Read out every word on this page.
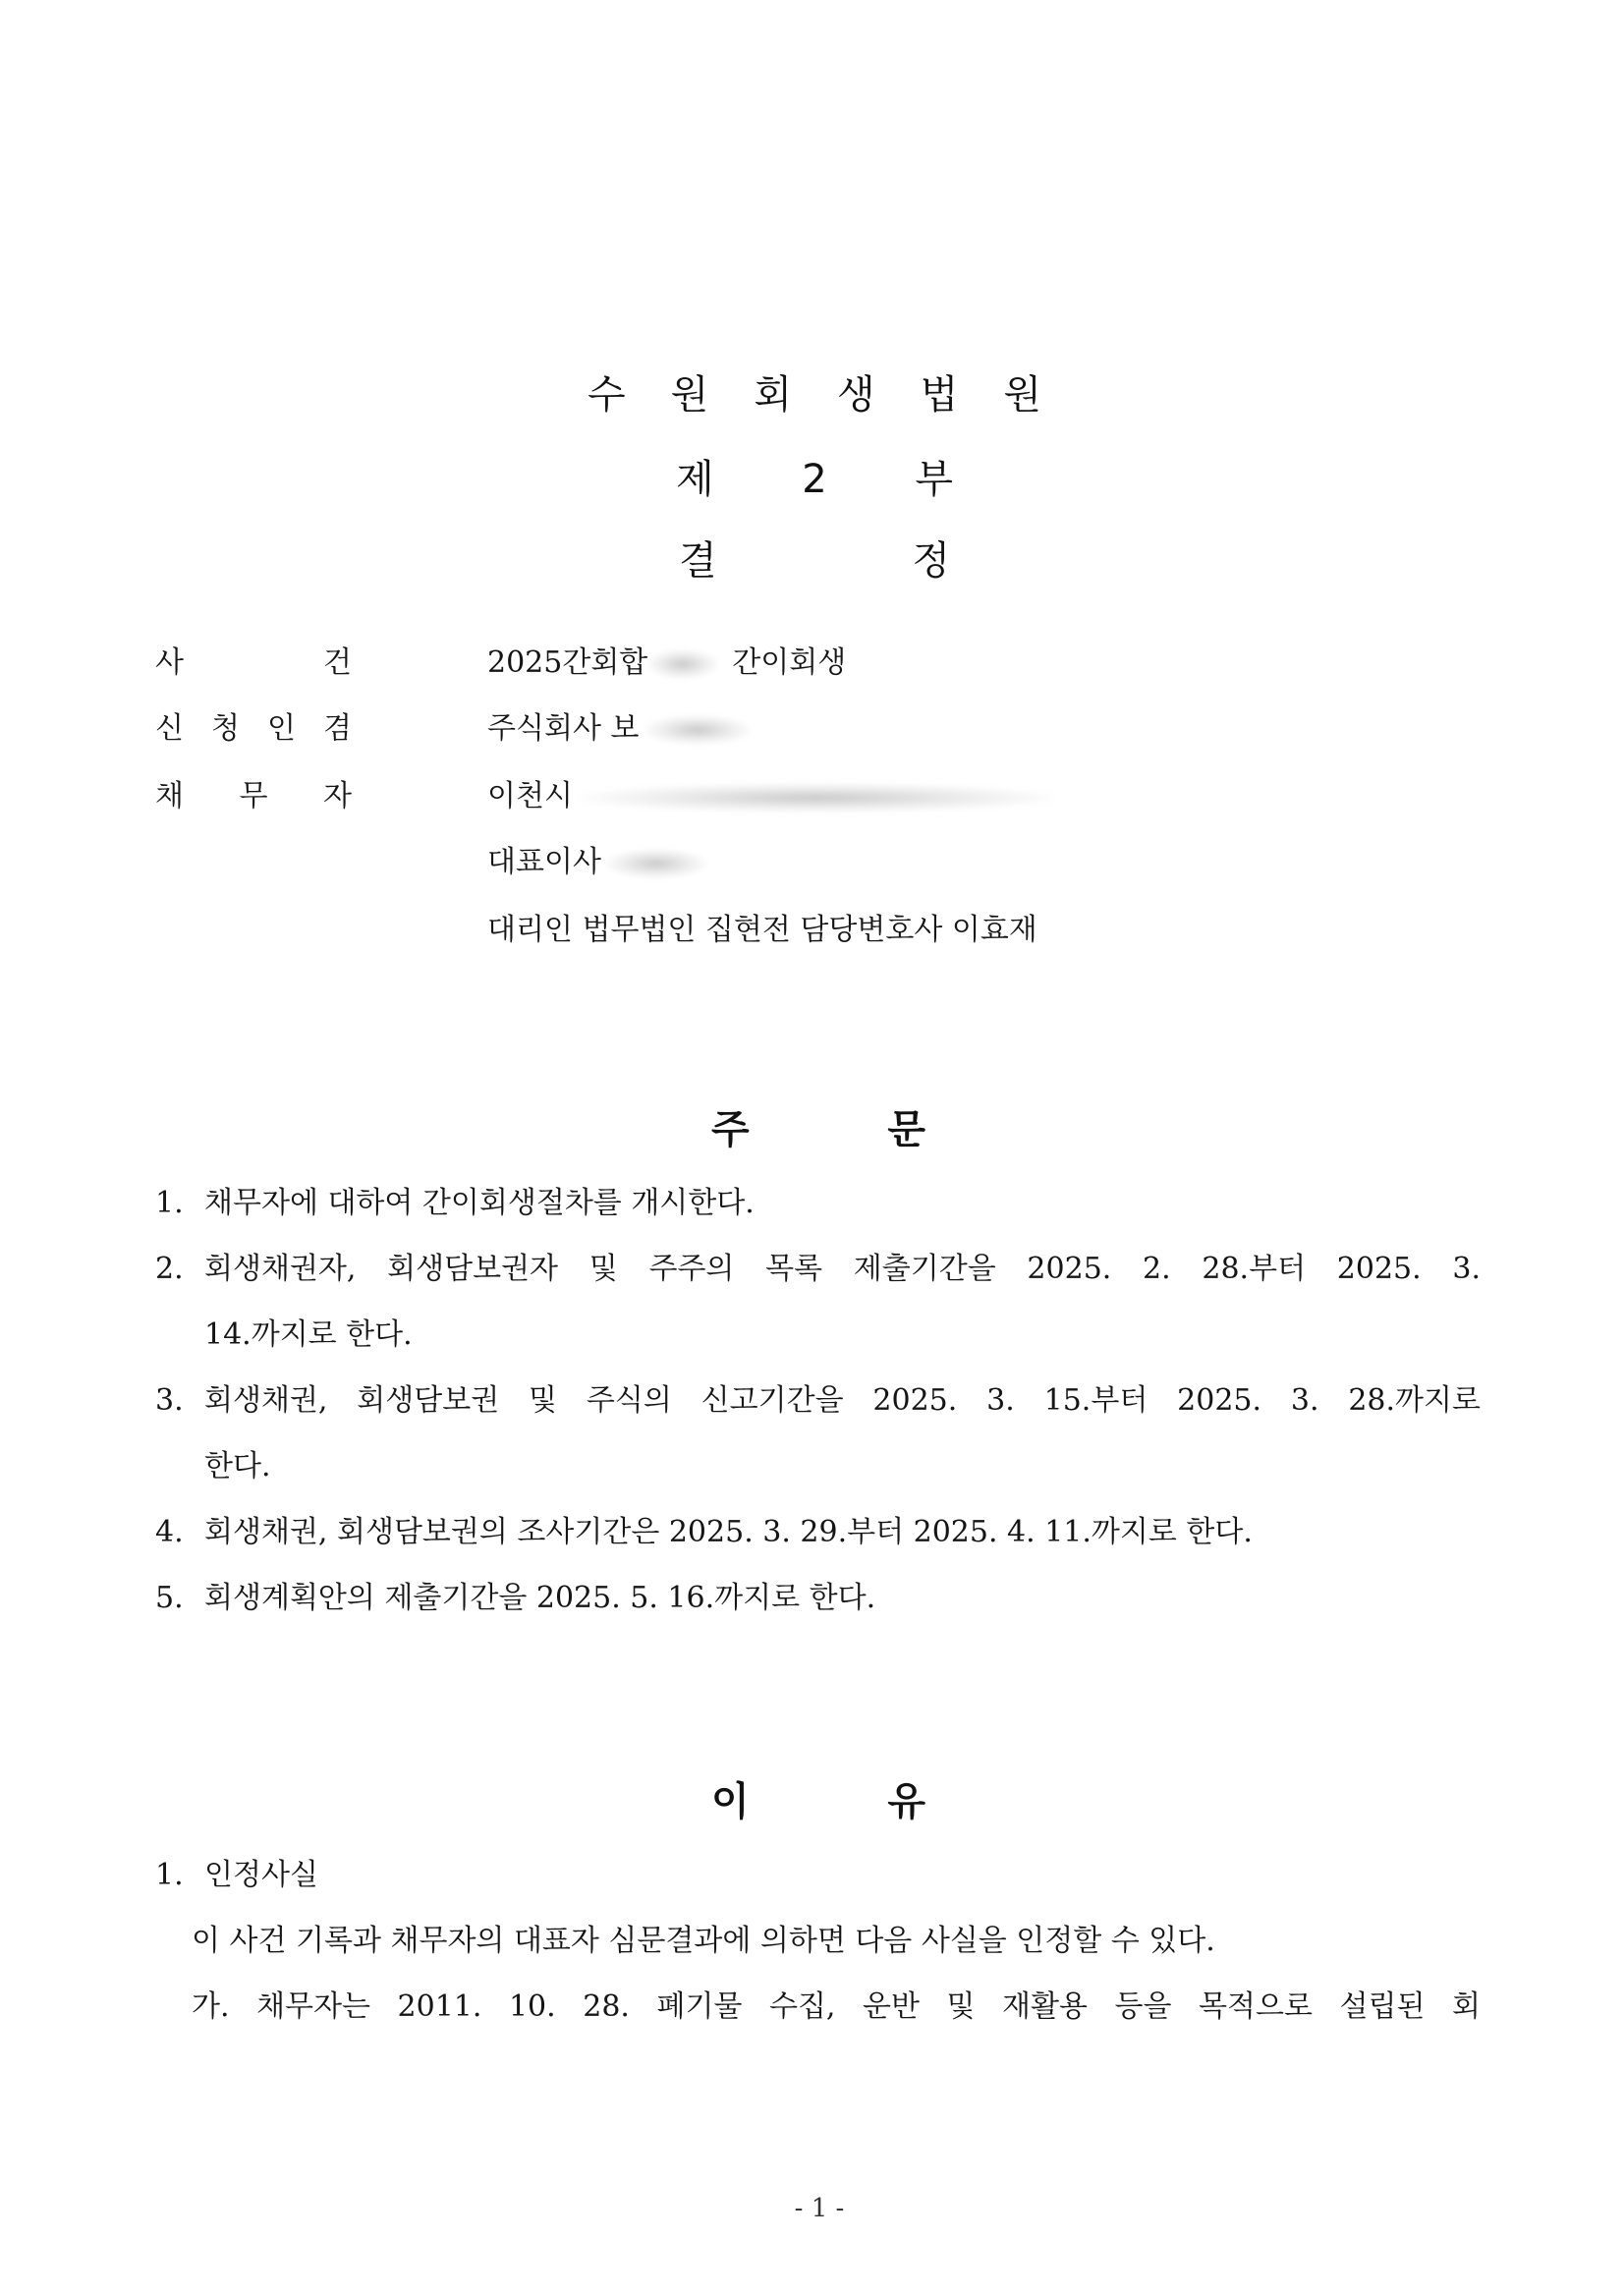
수 원 회 생 법 원
제 2 부
결 정
사 건	2025간회합	간이회생
신 청 인 겸	주식회사 보
채 무 자	이천시
대표이사
대리인 법무법인 집현전 담당변호사 이효재
주 문
1. 채무자에 대하여 간이회생절차를 개시한다.
2. 회생채권자, 회생담보권자 및 주주의 목록 제출기간을 2025. 2. 28.부터 2025. 3.
14.까지로 한다.
3. 회생채권, 회생담보권 및 주식의 신고기간을 2025. 3. 15.부터 2025. 3. 28.까지로
한다.
4. 회생채권, 회생담보권의 조사기간은 2025. 3. 29.부터 2025. 4. 11.까지로 한다.
5. 회생계획안의 제출기간을 2025. 5. 16.까지로 한다.
이 유
1. 인정사실
이 사건 기록과 채무자의 대표자 심문결과에 의하면 다음 사실을 인정할 수 있다.
가. 채무자는 2011. 10. 28. 폐기물 수집, 운반 및 재활용 등을 목적으로 설립된 회
- 1 -
